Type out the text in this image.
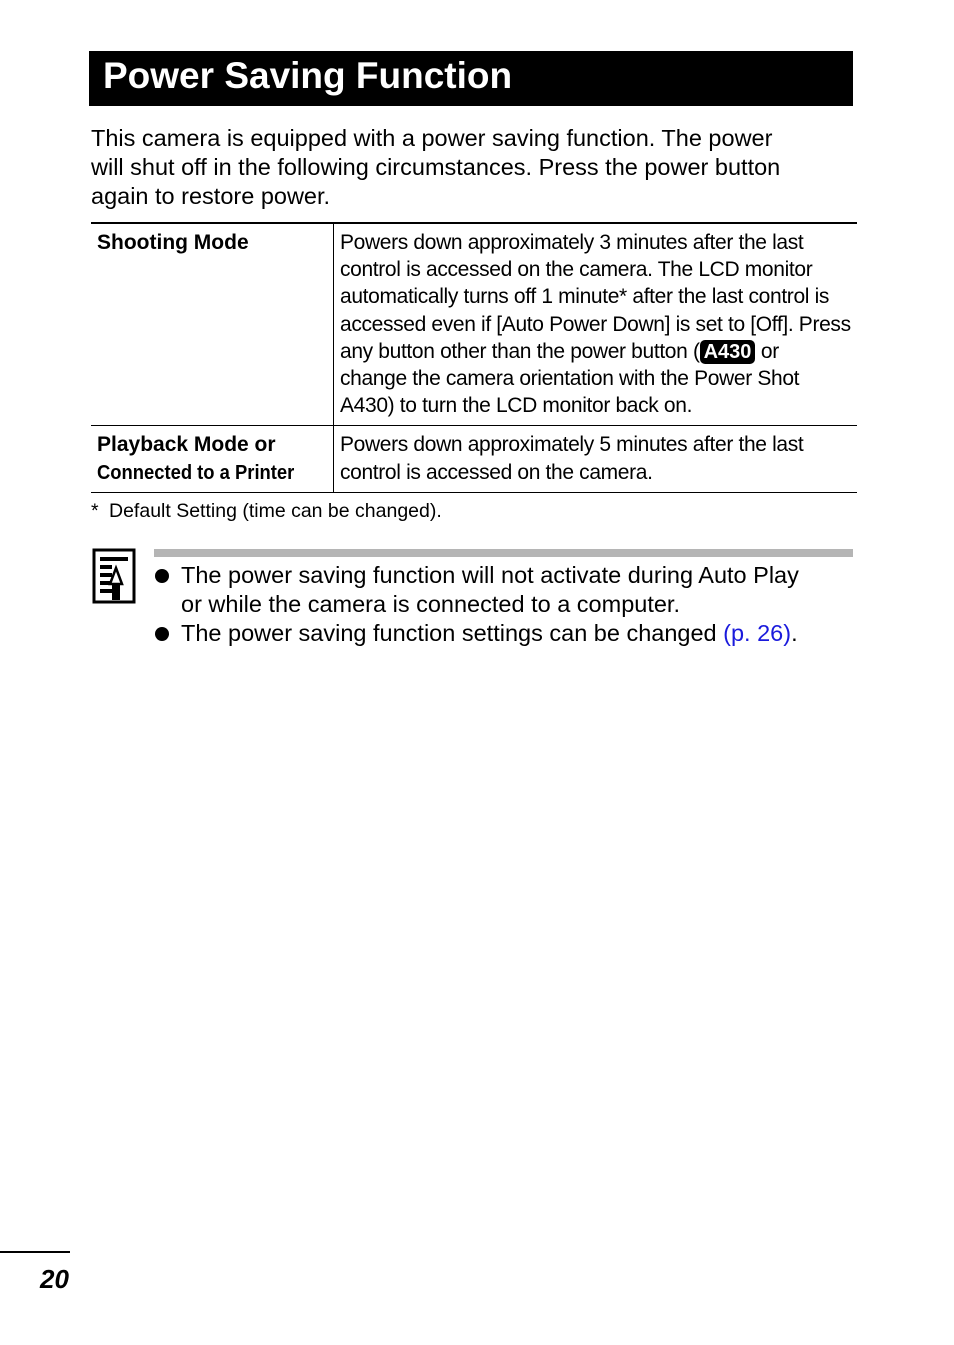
Power Saving Function
This camera is equipped with a power saving function. The power
will shut off in the following circumstances. Press the power button
again to restore power.
Shooting Mode	Powers down approximately 3 minutes after the last control is accessed on the camera. The LCD monitor automatically turns off 1 minute* after the last control is accessed even if [Auto Power Down] is set to [Off]. Press any button other than the power button ( A430 or change the camera orientation with the Power Shot A430) to turn the LCD monitor back on.
Playback Mode or
Connected to a Printer	Powers down approximately 5 minutes after the last control is accessed on the camera.
* Default Setting (time can be changed).
The power saving function will not activate during Auto Play
or while the camera is connected to a computer.
The power saving function settings can be changed (p. 26).
20
